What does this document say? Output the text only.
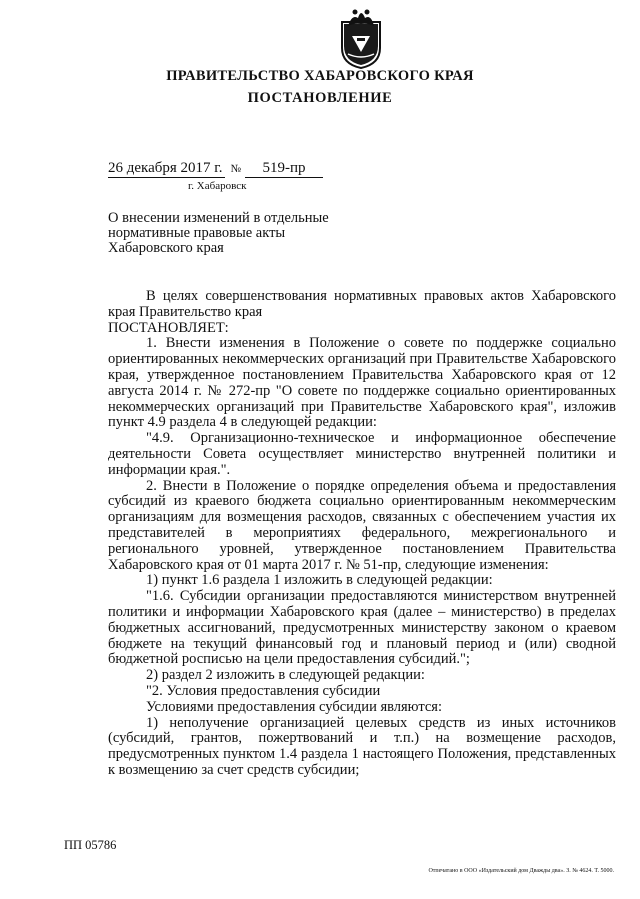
ПРАВИТЕЛЬСТВО ХАБАРОВСКОГО КРАЯ
ПОСТАНОВЛЕНИЕ
26 декабря 2017 г. № 519-пр
г. Хабаровск
О внесении изменений в отдельные нормативные правовые акты Хабаровского края

В целях совершенствования нормативных правовых актов Хабаровского края Правительство края

ПОСТАНОВЛЯЕТ:

1. Внести изменения в Положение о совете по поддержке социально ориентированных некоммерческих организаций при Правительстве Хабаровского края, утвержденное постановлением Правительства Хабаровского края от 12 августа 2014 г. № 272-пр "О совете по поддержке социально ориентированных некоммерческих организаций при Правительстве Хабаровского края", изложив пункт 4.9 раздела 4 в следующей редакции:

"4.9. Организационно-техническое и информационное обеспечение деятельности Совета осуществляет министерство внутренней политики и информации края.".

2. Внести в Положение о порядке определения объема и предоставления субсидий из краевого бюджета социально ориентированным некоммерческим организациям для возмещения расходов, связанных с обеспечением участия их представителей в мероприятиях федерального, межрегионального и регионального уровней, утвержденное постановлением Правительства Хабаровского края от 01 марта 2017 г. № 51-пр, следующие изменения:

1) пункт 1.6 раздела 1 изложить в следующей редакции:

"1.6. Субсидии организации предоставляются министерством внутренней политики и информации Хабаровского края (далее – министерство) в пределах бюджетных ассигнований, предусмотренных министерству законом о краевом бюджете на текущий финансовый год и плановый период и (или) сводной бюджетной росписью на цели предоставления субсидий.";

2) раздел 2 изложить в следующей редакции:

"2. Условия предоставления субсидии

Условиями предоставления субсидии являются:

1) неполучение организацией целевых средств из иных источников (субсидий, грантов, пожертвований и т.п.) на возмещение расходов, предусмотренных пунктом 1.4 раздела 1 настоящего Положения, представленных к возмещению за счет средств субсидии;

ПП 05786
Отпечатано в ООО «Издательский дом Дважды два». З. № 4624. Т. 5000.
